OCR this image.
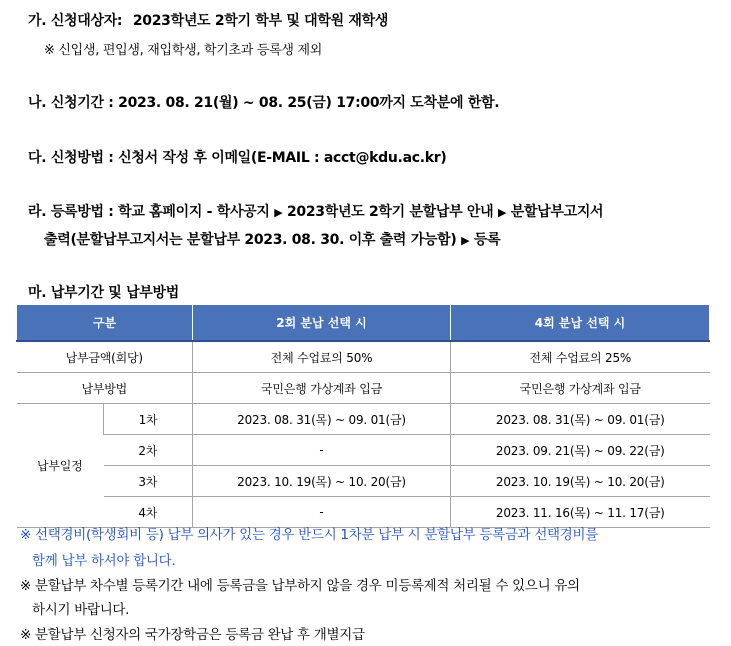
가. 신청대상자: 2023학년도 2학기 학부 및 대학원 재학생
※ 신입생, 편입생, 재입학생, 학기초과 등록생 제외
나. 신청기간 : 2023. 08. 21(월) ~ 08. 25(금) 17:00까지 도착분에 한함.
다. 신청방법 : 신청서 작성 후 이메일(E-MAIL : acct@kdu.ac.kr)
라. 등록방법 : 학교 홈페이지 - 학사공지 ▶ 2023학년도 2학기 분할납부 안내 ▶ 분할납부고지서
출력(분할납부고지서는 분할납부 2023. 08. 30. 이후 출력 가능함) ▶ 등록
마. 납부기간 및 납부방법
구분		2회 분납 선택 시	4회 분납 선택 시
납부금액(회당)		전체 수업료의 50%	전체 수업료의 25%
납부방법		국민은행 가상계좌 입금	국민은행 가상계좌 입금
납부일정	1차	2023. 08. 31(목) ~ 09. 01(금)	2023. 08. 31(목) ~ 09. 01(금)
	2차	-	2023. 09. 21(목) ~ 09. 22(금)
	3차	2023. 10. 19(목) ~ 10. 20(금)	2023. 10. 19(목) ~ 10. 20(금)
	4차	-	2023. 11. 16(목) ~ 11. 17(금)
※ 선택경비(학생회비 등) 납부 의사가 있는 경우 반드시 1차분 납부 시 분할납부 등록금과 선택경비를
함께 납부 하셔야 합니다.
※ 분할납부 차수별 등록기간 내에 등록금을 납부하지 않을 경우 미등록제적 처리될 수 있으니 유의
하시기 바랍니다.
※ 분할납부 신청자의 국가장학금은 등록금 완납 후 개별지급
